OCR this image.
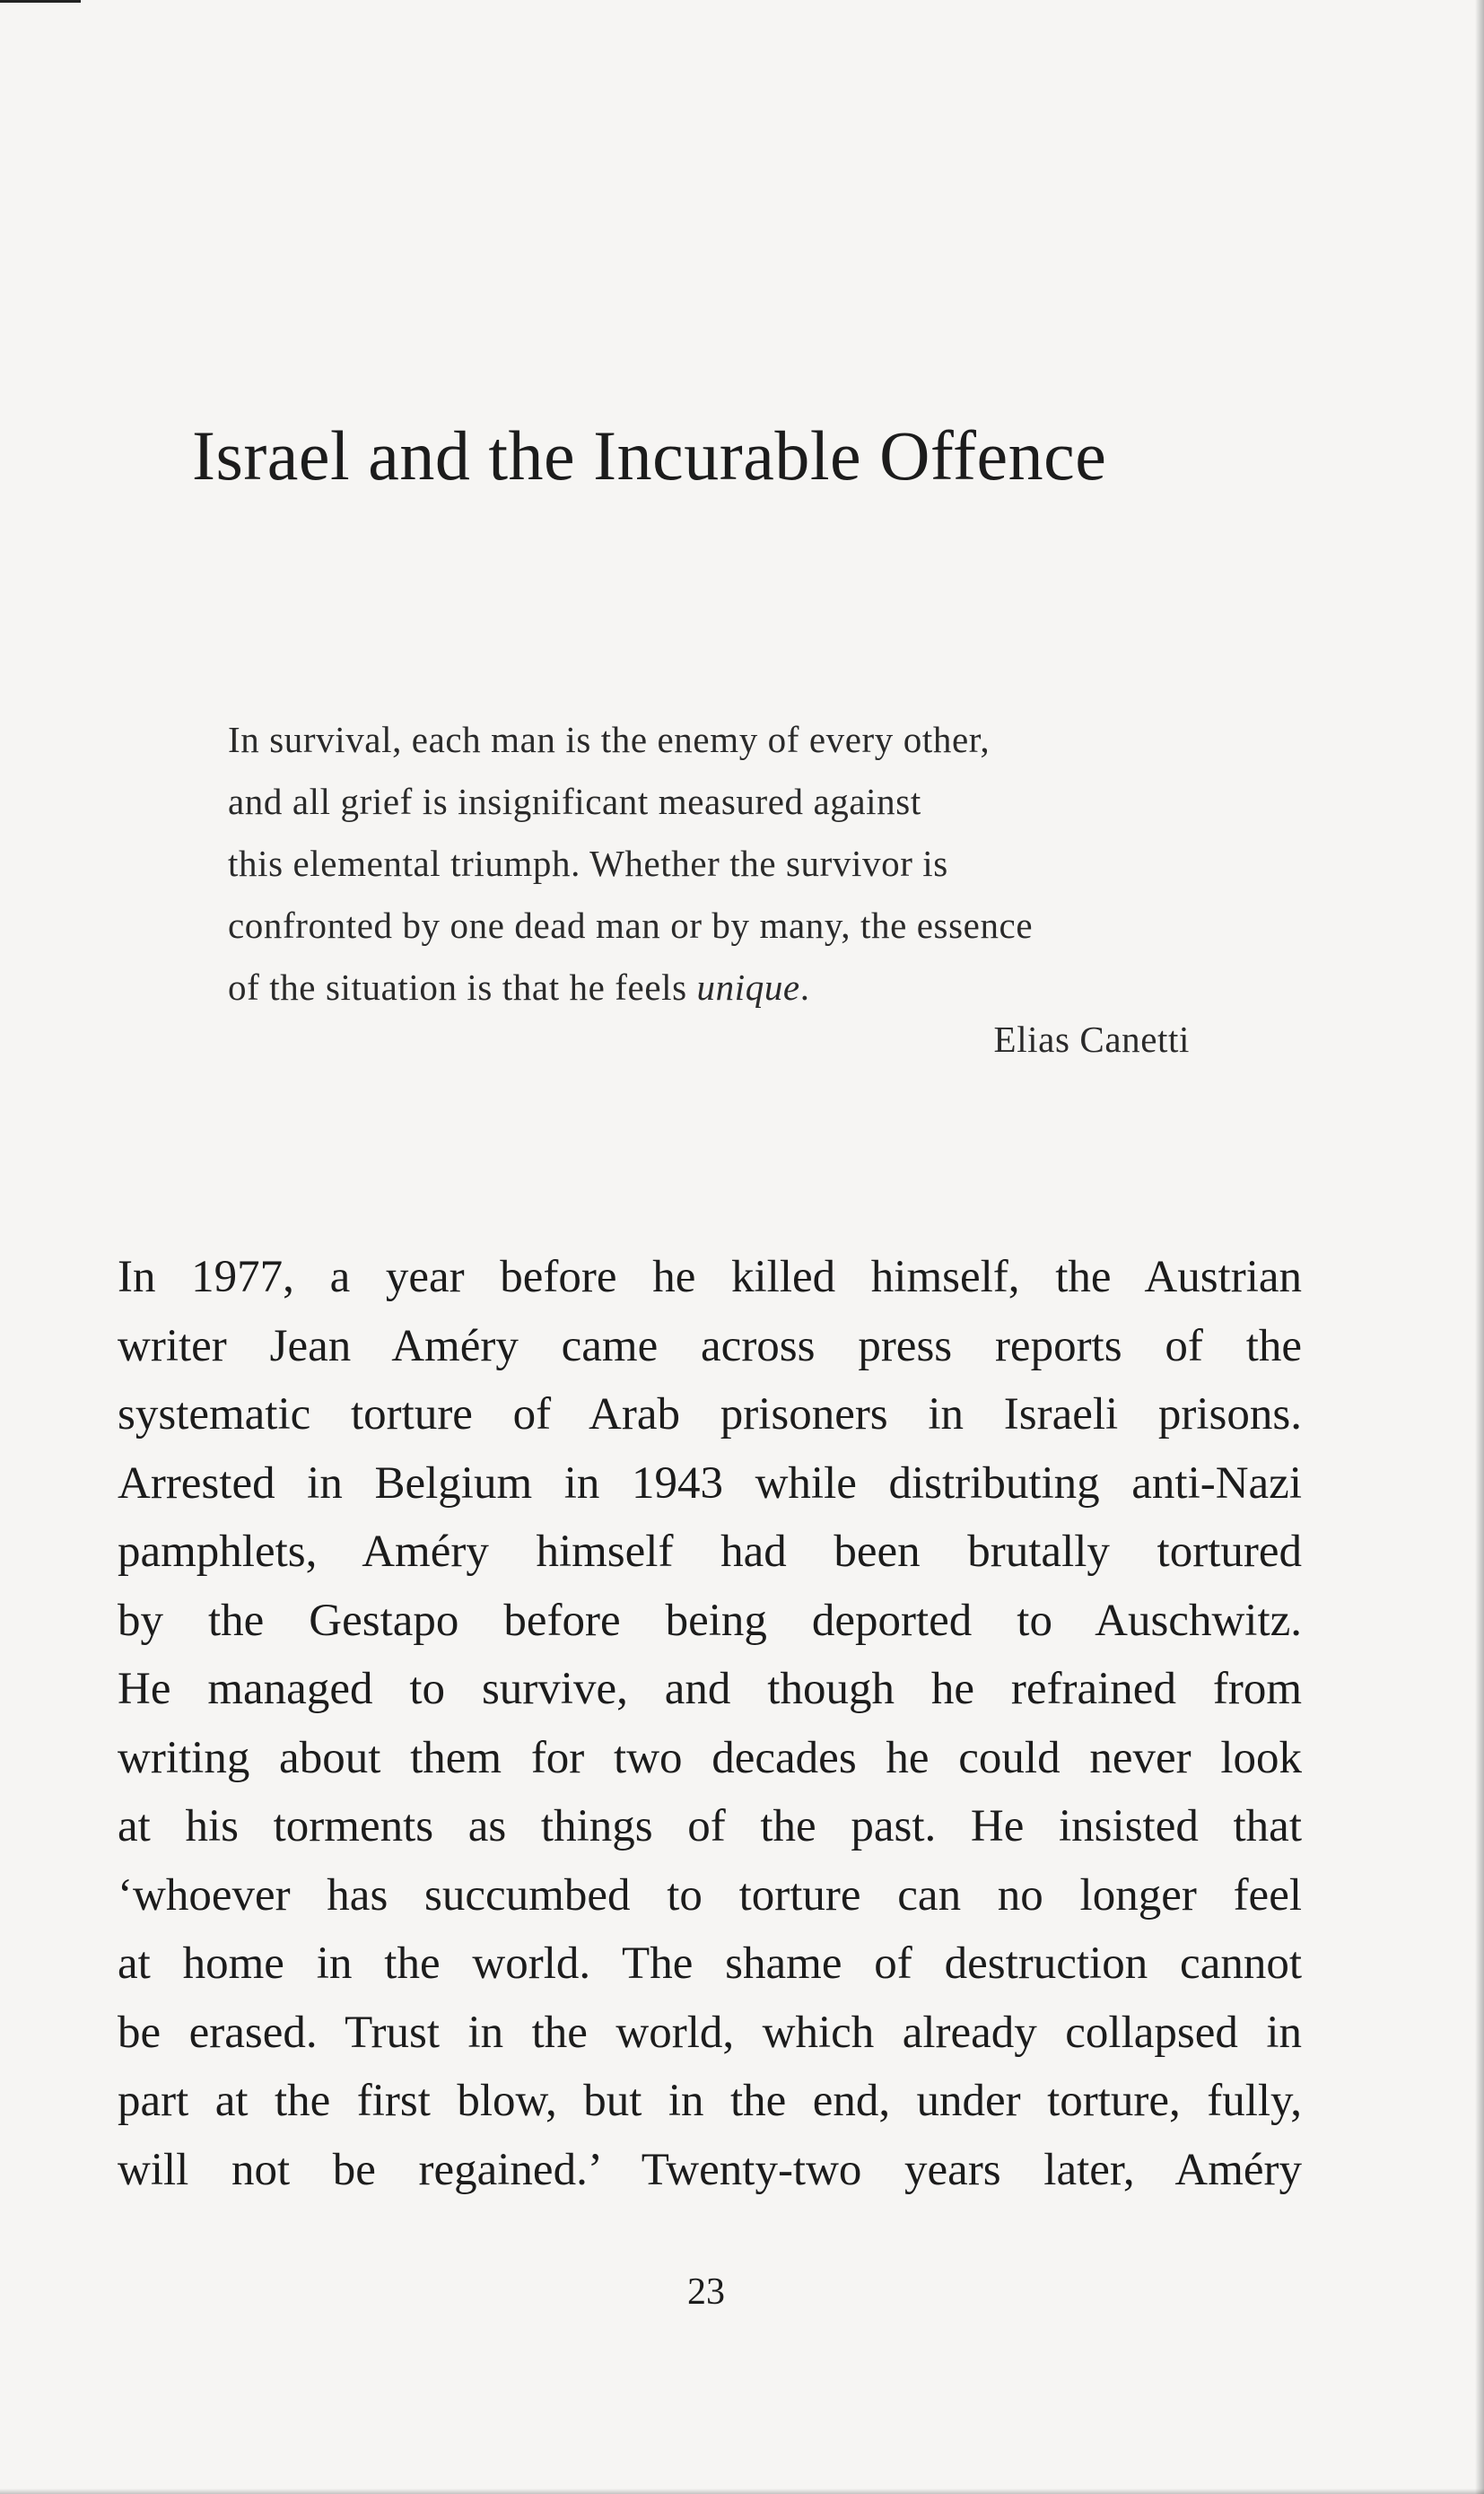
Israel and the Incurable Offence
In survival, each man is the enemy of every other,
and all grief is insignificant measured against
this elemental triumph. Whether the survivor is
confronted by one dead man or by many, the essence
of the situation is that he feels unique.
Elias Canetti
In 1977, a year before he killed himself, the Austrian
writer Jean Améry came across press reports of the
systematic torture of Arab prisoners in Israeli prisons.
Arrested in Belgium in 1943 while distributing anti-Nazi
pamphlets, Améry himself had been brutally tortured
by the Gestapo before being deported to Auschwitz.
He managed to survive, and though he refrained from
writing about them for two decades he could never look
at his torments as things of the past. He insisted that
‘whoever has succumbed to torture can no longer feel
at home in the world. The shame of destruction cannot
be erased. Trust in the world, which already collapsed in
part at the first blow, but in the end, under torture, fully,
will not be regained.’ Twenty-two years later, Améry
23
